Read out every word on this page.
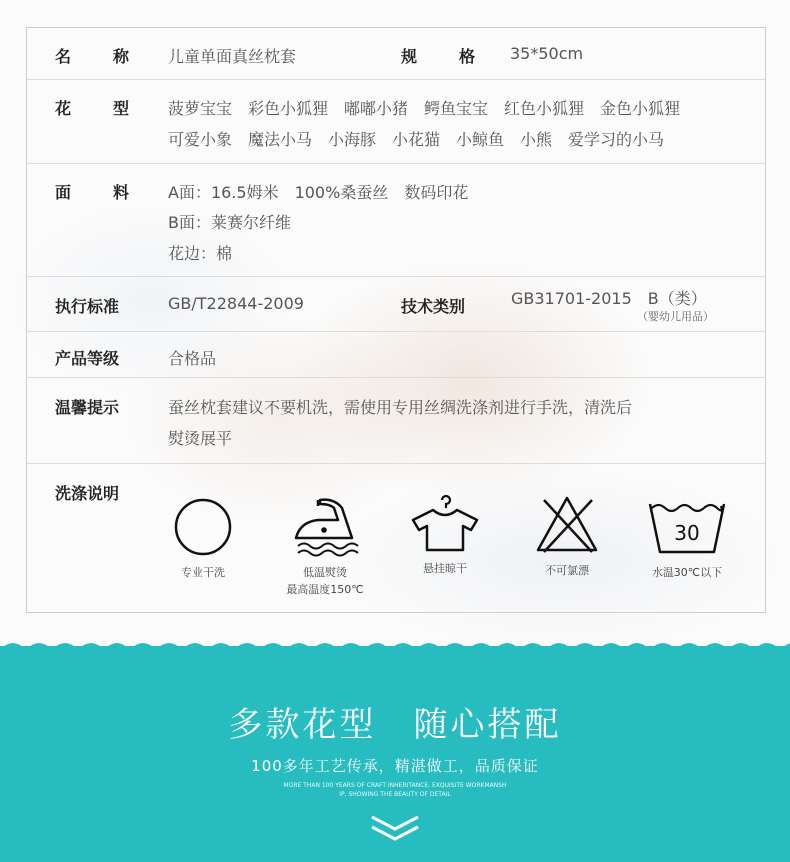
名	称 儿童单面真丝枕套	规	格 35*50cm
花	型 菠萝宝宝　彩色小狐狸　嘟嘟小猪　鳄鱼宝宝　红色小狐狸　金色小狐狸
可爱小象　魔法小马　小海豚　小花猫　小鲸鱼　小熊　爱学习的小马
面	料 A面：16.5姆米　100%桑蚕丝　数码印花
B面：莱赛尔纤维
花边：棉
执行标准	GB/T22844-2009	技术类别	GB31701-2015　B（类）
（婴幼儿用品）
产品等级	合格品
温馨提示	蚕丝枕套建议不要机洗，需使用专用丝绸洗涤剂进行手洗，清洗后
熨烫展平
洗涤说明
专业干洗	低温熨烫
最高温度150℃
悬挂晾干	不可氯漂
30
水温30℃以下
多款花型　随心搭配
100多年工艺传承，精湛做工，品质保证
MORE THAN 100 YEARS OF CRAFT INHERITANCE, EXQUISITE WORKMANSH
IP, SHOWING THE BEAUTY OF DETAIL
